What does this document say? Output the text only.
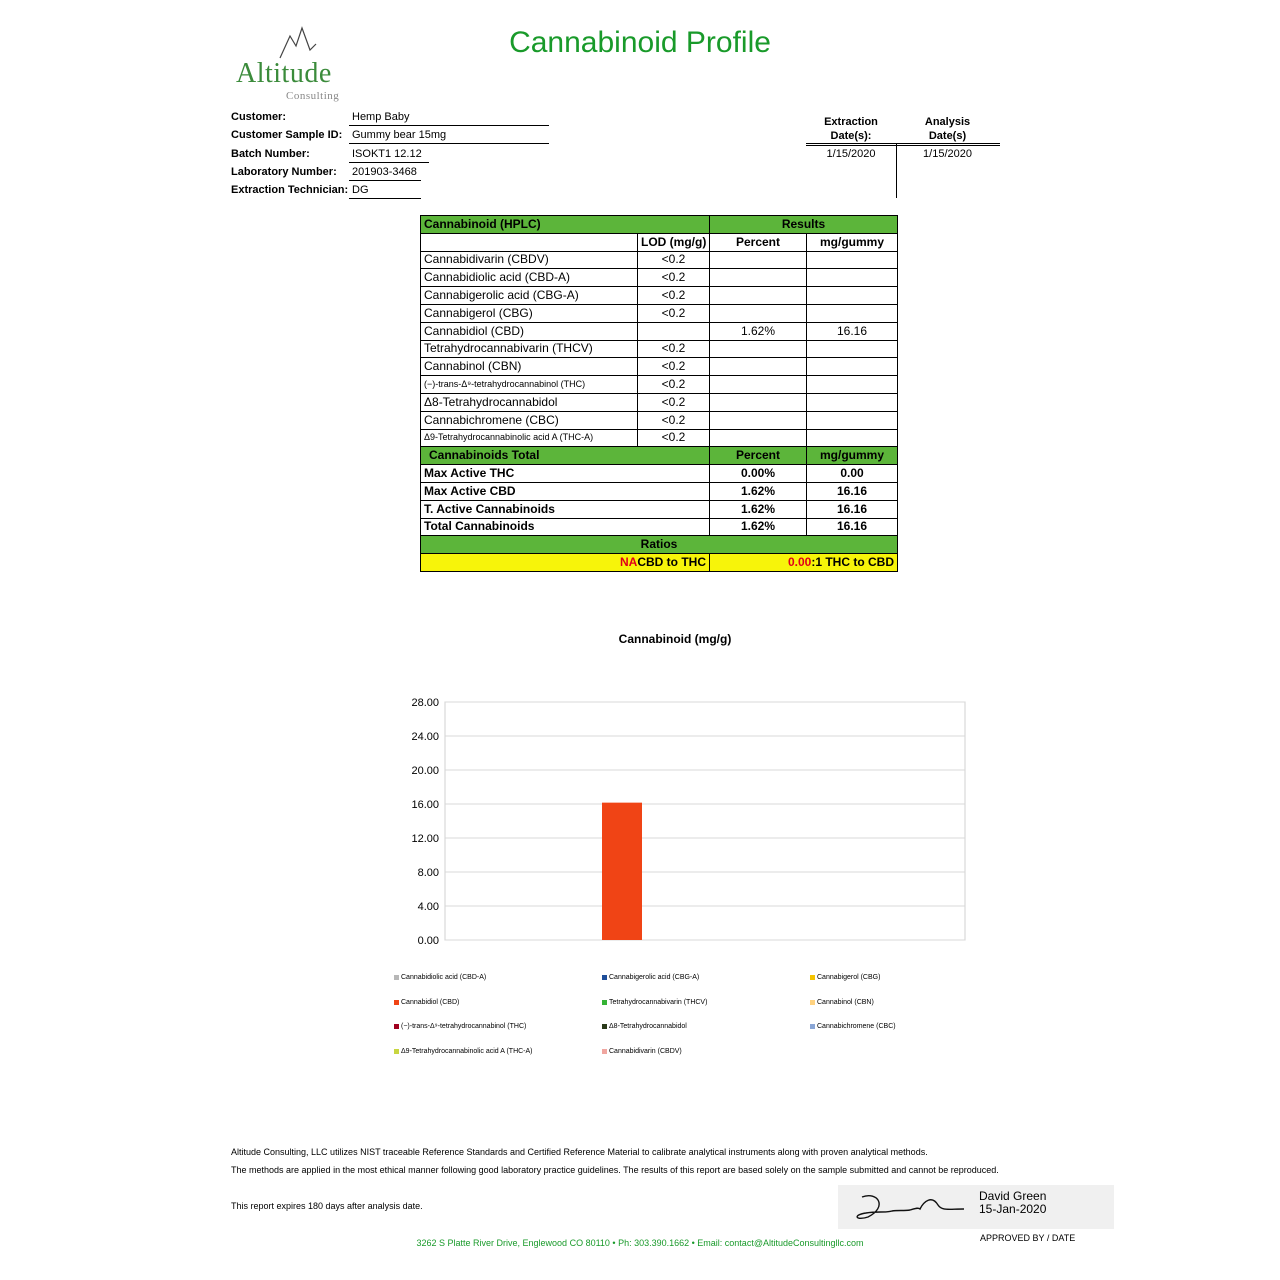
Altitude
Consulting
Cannabinoid Profile
Customer:	Hemp Baby
Customer Sample ID: Gummy bear 15mg
Batch Number:	ISOKT1 12.12
Laboratory Number: 201903-3468
Extraction Technician: DG
Extraction
Date(s):
Analysis
Date(s)
1/15/2020	1/15/2020
Cannabinoid (HPLC)		Results	
	LOD (mg/g)	Percent	mg/gummy
Cannabidivarin (CBDV)	<0.2		
Cannabidiolic acid (CBD-A)	<0.2		
Cannabigerolic acid (CBG-A)	<0.2		
Cannabigerol (CBG)	<0.2		
Cannabidiol (CBD)		1.62%	16.16
Tetrahydrocannabivarin (THCV)	<0.2		
Cannabinol (CBN)	<0.2		
(−)-trans-Δ⁹-tetrahydrocannabinol (THC)	<0.2		
Δ8-Tetrahydrocannabidol	<0.2		
Cannabichromene (CBC)	<0.2		
Δ9-Tetrahydrocannabinolic acid A (THC-A)	<0.2		
Cannabinoids Total		Percent	mg/gummy
Max Active THC		0.00%	0.00
Max Active CBD		1.62%	16.16
T. Active Cannabinoids		1.62%	16.16
Total Cannabinoids		1.62%	16.16
Ratios			
NACBD to THC		0.00:1 THC to CBD	
Cannabinoid (mg/g)
0.00
4.00
8.00
12.00
16.00
20.00
24.00
28.00
Cannabidiolic acid (CBD-A)	Cannabigerolic acid (CBG-A)	Cannabigerol (CBG)
Cannabidiol (CBD)	Tetrahydrocannabivarin (THCV)	Cannabinol (CBN)
(−)-trans-Δ⁹-tetrahydrocannabinol (THC)	Δ8-Tetrahydrocannabidol	Cannabichromene (CBC)
Δ9-Tetrahydrocannabinolic acid A (THC-A)	Cannabidivarin (CBDV)
Altitude Consulting, LLC utilizes NIST traceable Reference Standards and Certified Reference Material to calibrate analytical instruments along with proven analytical methods.
The methods are applied in the most ethical manner following good laboratory practice guidelines. The results of this report are based solely on the sample submitted and cannot be reproduced.
This report expires 180 days after analysis date.
David Green
15-Jan-2020
APPROVED BY / DATE
3262 S Platte River Drive, Englewood CO 80110 • Ph: 303.390.1662 • Email: contact@AltitudeConsultingllc.com
